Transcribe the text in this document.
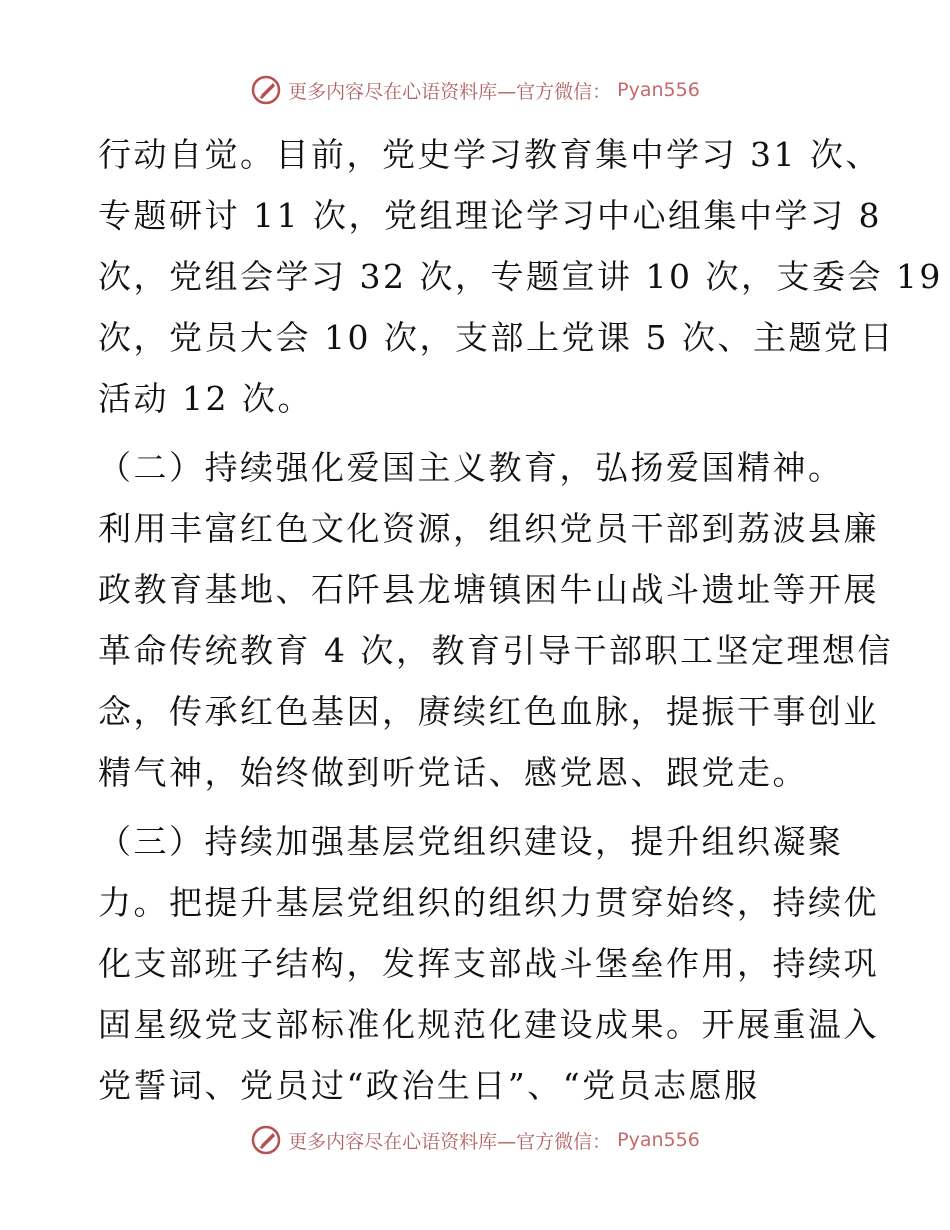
更多内容尽在心语资料库—官方微信： Pyan556
行动自觉。目前，党史学习教育集中学习 31 次、
专题研讨 11 次，党组理论学习中心组集中学习 8
次，党组会学习 32 次，专题宣讲 10 次，支委会 19
次，党员大会 10 次，支部上党课 5 次、主题党日
活动 12 次。
（二）持续强化爱国主义教育，弘扬爱国精神。
利用丰富红色文化资源，组织党员干部到荔波县廉
政教育基地、石阡县龙塘镇困牛山战斗遗址等开展
革命传统教育 4 次，教育引导干部职工坚定理想信
念，传承红色基因，赓续红色血脉，提振干事创业
精气神，始终做到听党话、感党恩、跟党走。
（三）持续加强基层党组织建设，提升组织凝聚
力。把提升基层党组织的组织力贯穿始终，持续优
化支部班子结构，发挥支部战斗堡垒作用，持续巩
固星级党支部标准化规范化建设成果。开展重温入
党誓词、党员过“政治生日”、“党员志愿服
更多内容尽在心语资料库—官方微信： Pyan556
